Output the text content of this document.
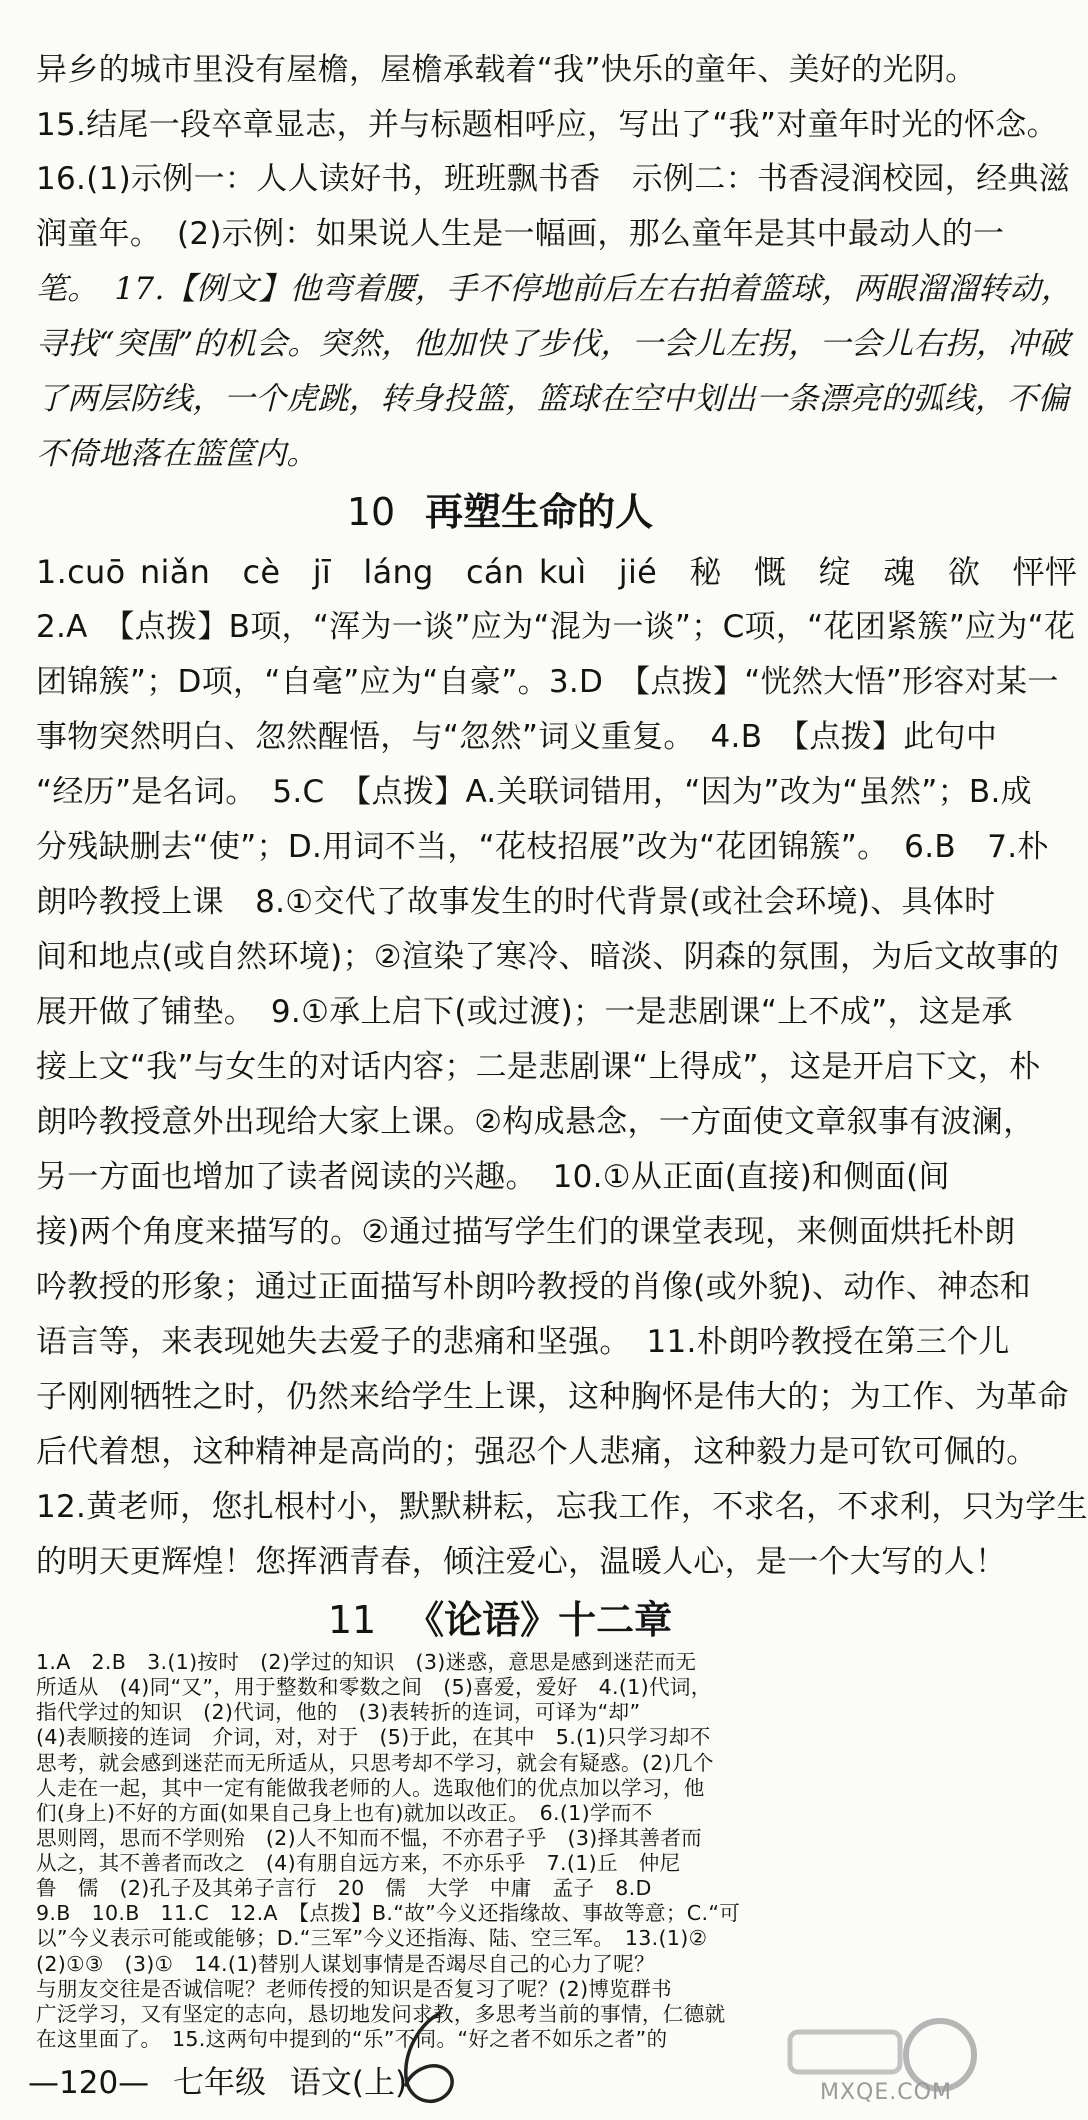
异乡的城市里没有屋檐，屋檐承载着“我”快乐的童年、美好的光阴。
15.结尾一段卒章显志，并与标题相呼应，写出了“我”对童年时光的怀念。
16.(1)示例一：人人读好书，班班飘书香　示例二：书香浸润校园，经典滋
润童年。　(2)示例：如果说人生是一幅画，那么童年是其中最动人的一
笔。　17.【例文】他弯着腰，手不停地前后左右拍着篮球，两眼溜溜转动，
寻找“突围”的机会。突然，他加快了步伐，一会儿左拐，一会儿右拐，冲破
了两层防线，一个虎跳，转身投篮，篮球在空中划出一条漂亮的弧线，不偏
不倚地落在篮筐内。
10 再塑生命的人
1.cuō niǎn　cè　jī　láng　cán kuì　jié　秘　慨　绽　魂　欲　怦怦
2.A　【点拨】B项，“浑为一谈”应为“混为一谈”；C项，“花团紧簇”应为“花
团锦簇”；D项，“自毫”应为“自豪”。3.D　【点拨】“恍然大悟”形容对某一
事物突然明白、忽然醒悟，与“忽然”词义重复。　4.B　【点拨】此句中
“经历”是名词。　5.C　【点拨】A.关联词错用，“因为”改为“虽然”；B.成
分残缺删去“使”；D.用词不当，“花枝招展”改为“花团锦簇”。　6.B　7.朴
朗吟教授上课　8.①交代了故事发生的时代背景(或社会环境)、具体时
间和地点(或自然环境)；②渲染了寒冷、暗淡、阴森的氛围，为后文故事的
展开做了铺垫。　9.①承上启下(或过渡)；一是悲剧课“上不成”，这是承
接上文“我”与女生的对话内容；二是悲剧课“上得成”，这是开启下文，朴
朗吟教授意外出现给大家上课。②构成悬念，一方面使文章叙事有波澜，
另一方面也增加了读者阅读的兴趣。　10.①从正面(直接)和侧面(间
接)两个角度来描写的。②通过描写学生们的课堂表现，来侧面烘托朴朗
吟教授的形象；通过正面描写朴朗吟教授的肖像(或外貌)、动作、神态和
语言等，来表现她失去爱子的悲痛和坚强。　11.朴朗吟教授在第三个儿
子刚刚牺牲之时，仍然来给学生上课，这种胸怀是伟大的；为工作、为革命
后代着想，这种精神是高尚的；强忍个人悲痛，这种毅力是可钦可佩的。
12.黄老师，您扎根村小，默默耕耘，忘我工作，不求名，不求利，只为学生
的明天更辉煌！您挥洒青春，倾注爱心，温暖人心，是一个大写的人！
11 《论语》十二章
1.A　2.B　3.(1)按时　(2)学过的知识　(3)迷惑，意思是感到迷茫而无
所适从　(4)同“又”，用于整数和零数之间　(5)喜爱，爱好　4.(1)代词，
指代学过的知识　(2)代词，他的　(3)表转折的连词，可译为“却”
(4)表顺接的连词　介词，对，对于　(5)于此，在其中　5.(1)只学习却不
思考，就会感到迷茫而无所适从，只思考却不学习，就会有疑惑。(2)几个
人走在一起，其中一定有能做我老师的人。选取他们的优点加以学习，他
们(身上)不好的方面(如果自己身上也有)就加以改正。　6.(1)学而不
思则罔，思而不学则殆　(2)人不知而不愠，不亦君子乎　(3)择其善者而
从之，其不善者而改之　(4)有朋自远方来，不亦乐乎　7.(1)丘　仲尼
鲁　儒　(2)孔子及其弟子言行　20　儒　大学　中庸　孟子　8.D
9.B　10.B　11.C　12.A　【点拨】B.“故”今义还指缘故、事故等意；C.“可
以”今义表示可能或能够；D.“三军”今义还指海、陆、空三军。　13.(1)②
(2)①③　(3)①　14.(1)替别人谋划事情是否竭尽自己的心力了呢？
与朋友交往是否诚信呢？老师传授的知识是否复习了呢？(2)博览群书
广泛学习，又有坚定的志向，恳切地发问求教，多思考当前的事情，仁德就
在这里面了。　15.这两句中提到的“乐”不同。“好之者不如乐之者”的
—120— 七年级 语文(上)	MXQE.COM
